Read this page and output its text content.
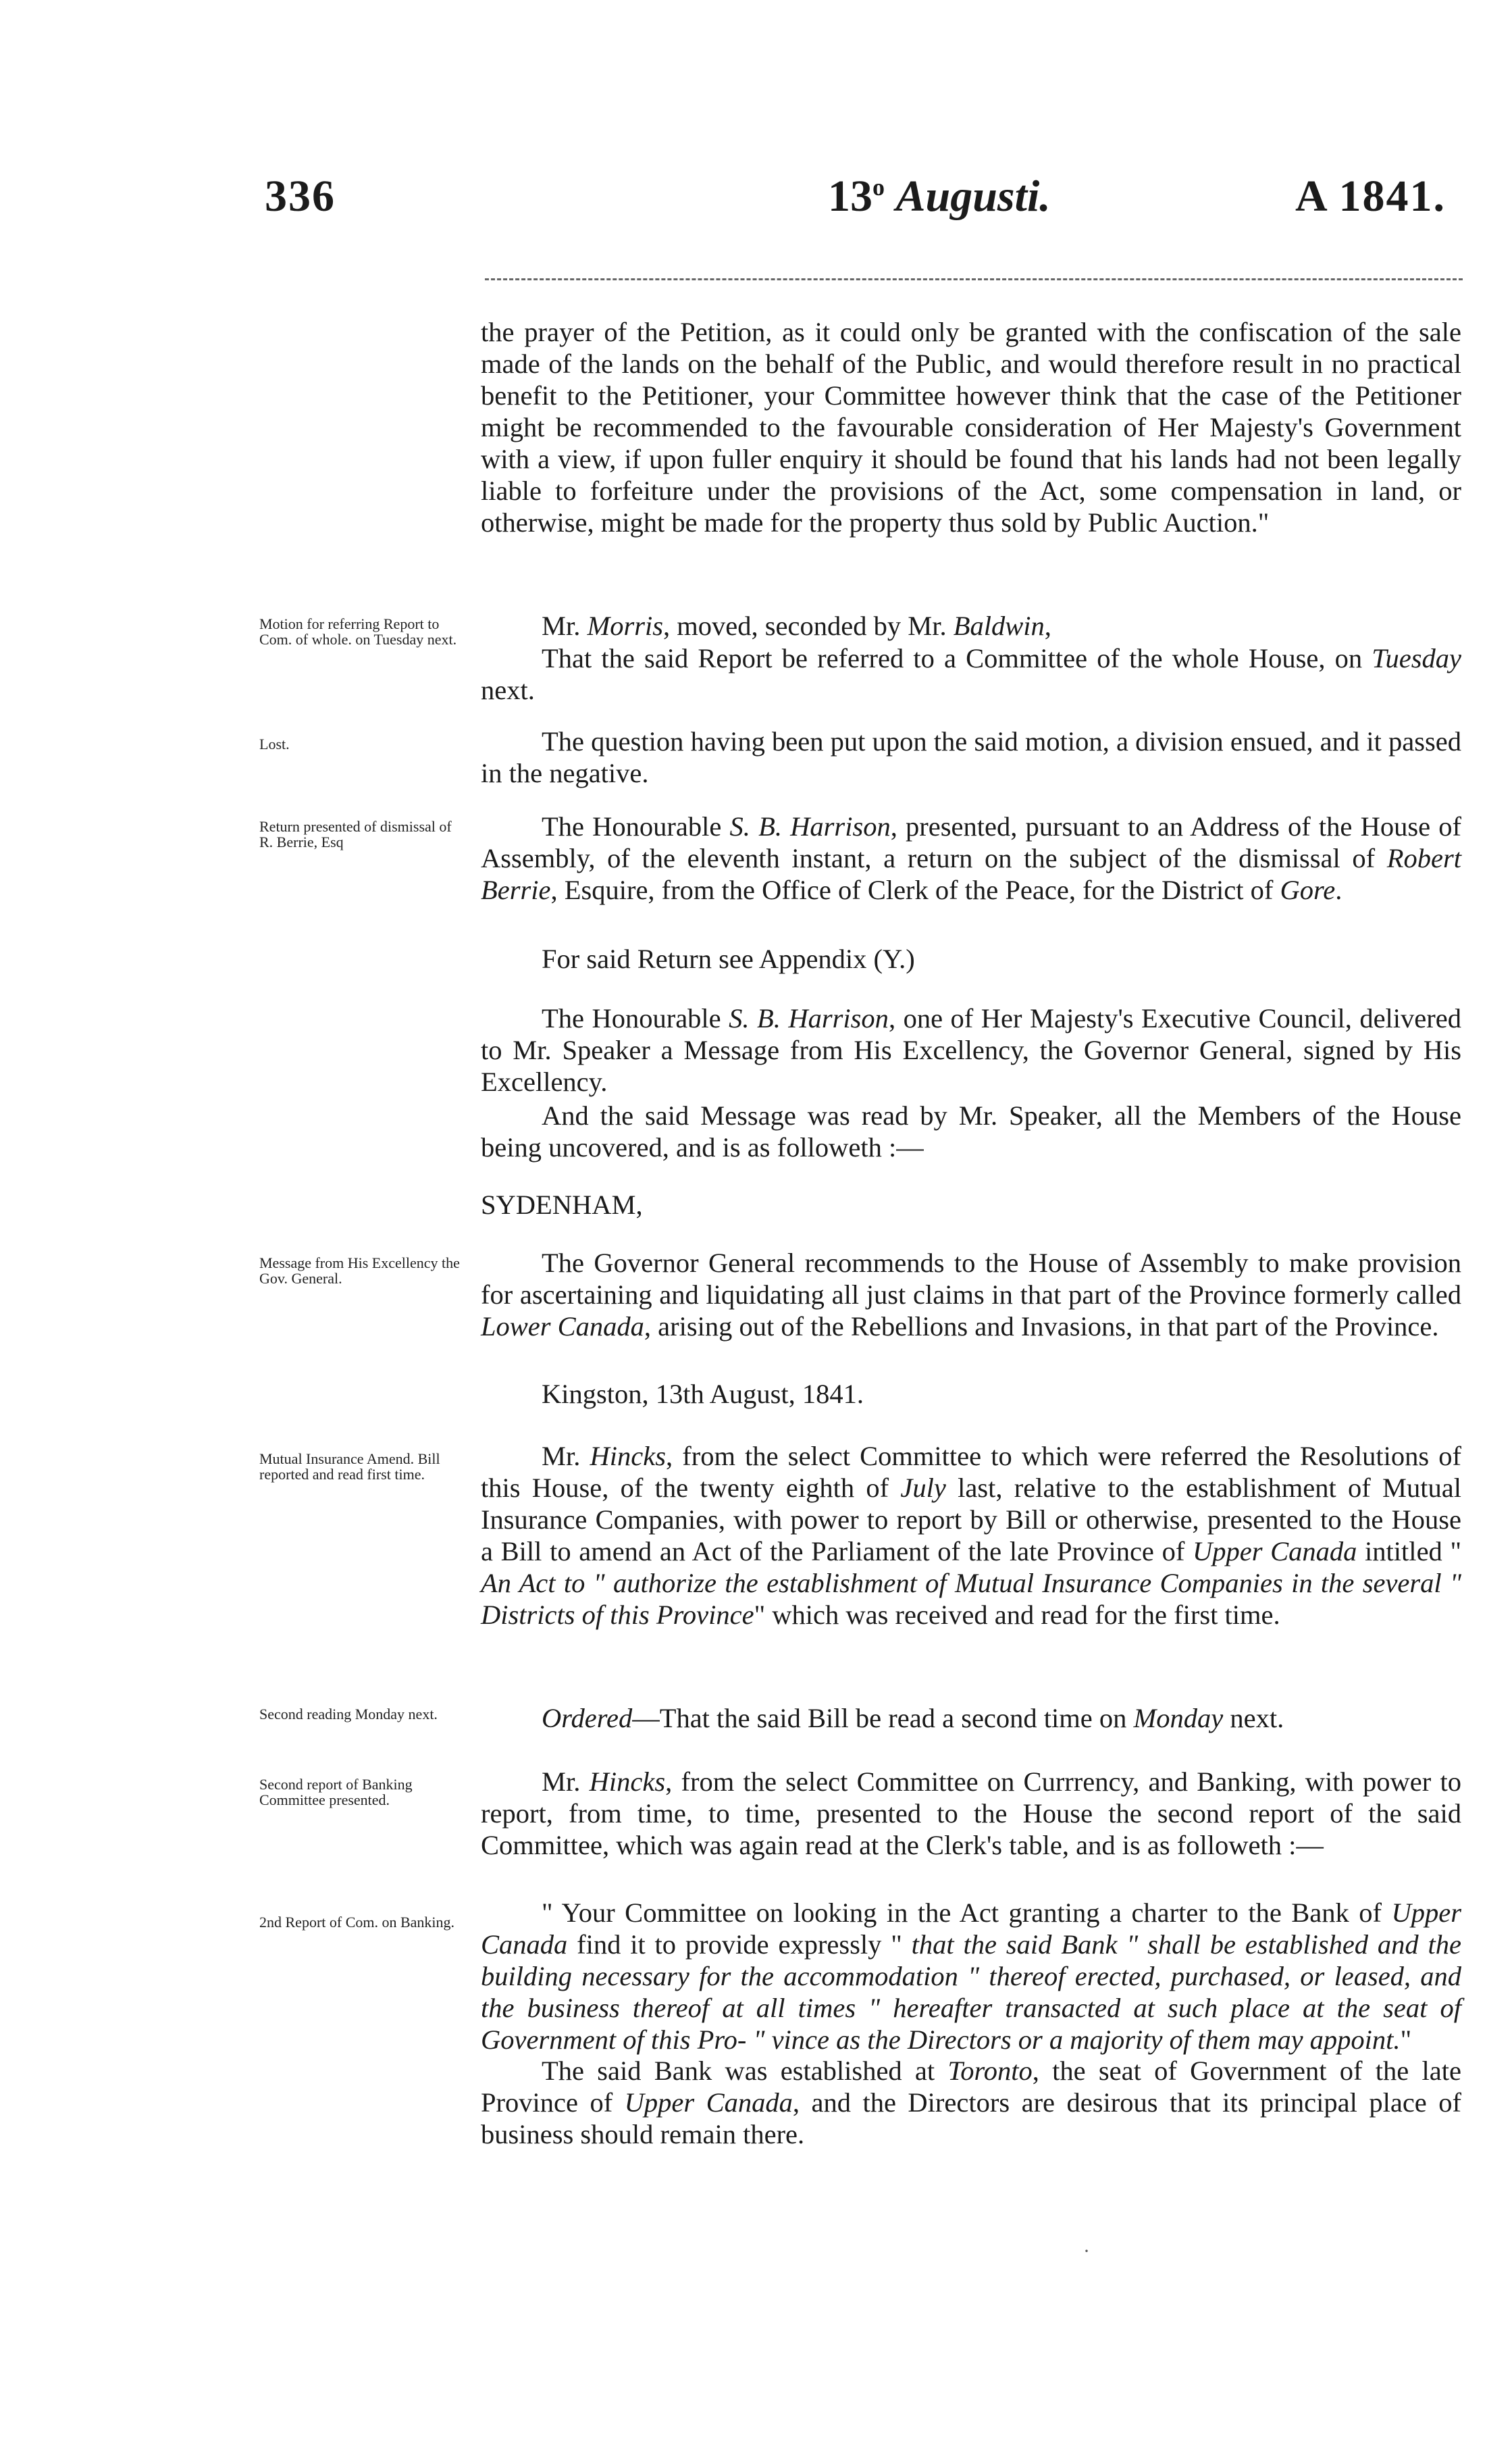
336	13$^o$ Augusti.	A 1841.

the prayer of the Petition, as it could only be granted with the confiscation of the sale made of the lands on the behalf of the Public, and would therefore result in no practical benefit to the Petitioner, your Committee however think that the case of the Petitioner might be recommended to the favourable consideration of Her Majesty's Government with a view, if upon fuller enquiry it should be found that his lands had not been legally liable to forfeiture under the provisions of the Act, some compensation in land, or otherwise, might be made for the property thus sold by Public Auction."

Mr. Morris, moved, seconded by Mr. Baldwin,

Motion for referring Report to Com. of whole. on Tuesday next.

That the said Report be referred to a Committee of the whole House, on Tuesday next.

The question having been put upon the said motion, a division ensued, and it passed in the negative.

Lost.

The Honourable S. B. Harrison, presented, pursuant to an Address of the House of Assembly, of the eleventh instant, a return on the subject of the dismissal of Robert Berrie, Esquire, from the Office of Clerk of the Peace, for the District of Gore.

Return presented of dismissal of R. Berrie, Esq

For said Return see Appendix (Y.)

The Honourable S. B. Harrison, one of Her Majesty's Executive Council, delivered to Mr. Speaker a Message from His Excellency, the Governor General, signed by His Excellency.

And the said Message was read by Mr. Speaker, all the Members of the House being uncovered, and is as followeth :—

SYDENHAM,

The Governor General recommends to the House of Assembly to make provision for ascertaining and liquidating all just claims in that part of the Province formerly called Lower Canada, arising out of the Rebellions and Invasions, in that part of the Province.

Message from His Excellency the Gov. General.

Kingston, 13th August, 1841.

Mr. Hincks, from the select Committee to which were referred the Resolutions of this House, of the twenty eighth of July last, relative to the establishment of Mutual Insurance Companies, with power to report by Bill or otherwise, presented to the House a Bill to amend an Act of the Parliament of the late Province of Upper Canada intitled " An Act to " authorize the establishment of Mutual Insurance Companies in the several " Districts of this Province" which was received and read for the first time.

Mutual Insurance Amend. Bill reported and read first time.

Ordered—That the said Bill be read a second time on Monday next.

Second reading Monday next.

Mr. Hincks, from the select Committee on Currrency, and Banking, with power to report, from time, to time, presented to the House the second report of the said Committee, which was again read at the Clerk's table, and is as followeth :—

Second report of Banking Committee presented.

" Your Committee on looking in the Act granting a charter to the Bank of Upper Canada find it to provide expressly " that the said Bank " shall be established and the building necessary for the accommodation " thereof erected, purchased, or leased, and the business thereof at all times " hereafter transacted at such place at the seat of Government of this Pro- " vince as the Directors or a majority of them may appoint."

2nd Report of Com. on Banking.

The said Bank was established at Toronto, the seat of Government of the late Province of Upper Canada, and the Directors are desirous that its principal place of business should remain there.

·
